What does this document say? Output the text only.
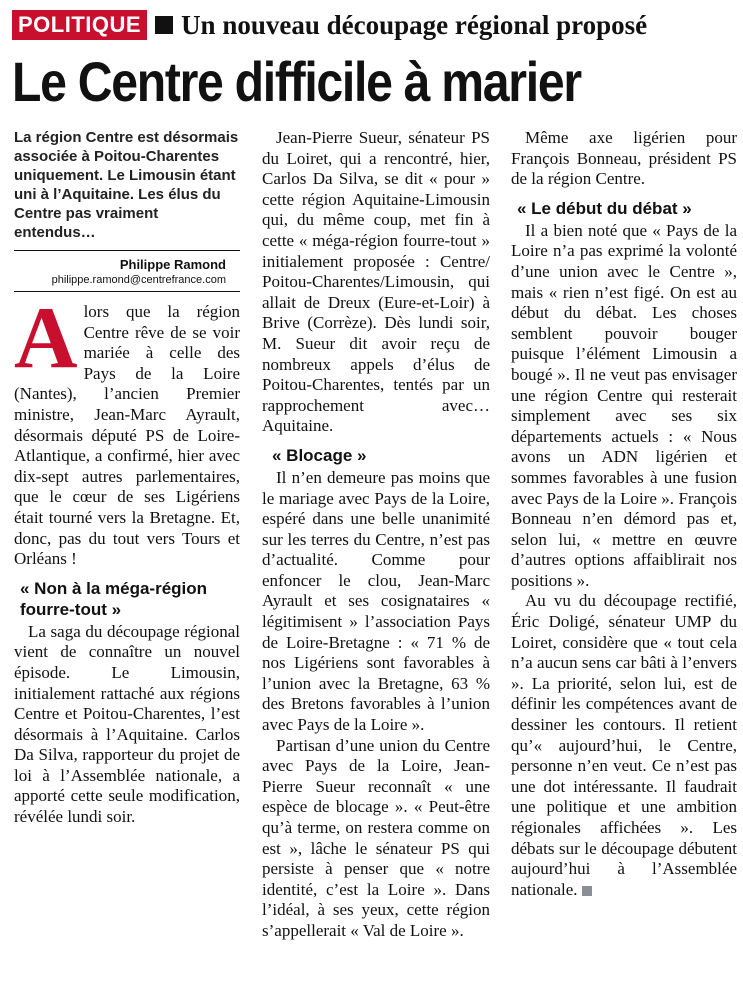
POLITIQUE Un nouveau découpage régional proposé
Le Centre difficile à marier
La région Centre est désormais associée à Poitou-Charentes uniquement. Le Limousin étant uni à l’Aquitaine. Les élus du Centre pas vraiment entendus…
Philippe Ramond
philippe.ramond@centrefrance.com

Alors que la région Centre rêve de se voir mariée à celle des Pays de la Loire (Nantes), l’ancien Premier ministre, Jean-Marc Ayrault, désormais député PS de Loire-Atlantique, a confirmé, hier avec dix-sept autres parlementaires, que le cœur de ses Ligériens était tourné vers la Bretagne. Et, donc, pas du tout vers Tours et Orléans !

« Non à la méga-région fourre-tout »

La saga du découpage régional vient de connaître un nouvel épisode. Le Limousin, initialement rattaché aux régions Centre et Poitou-Charentes, l’est désormais à l’Aquitaine. Carlos Da Silva, rapporteur du projet de loi à l’Assemblée nationale, a apporté cette seule modification, révélée lundi soir.

Jean-Pierre Sueur, sénateur PS du Loiret, qui a rencontré, hier, Carlos Da Silva, se dit « pour » cette région Aquitaine-Limousin qui, du même coup, met fin à cette « méga-région fourre-tout » initialement proposée : Centre/ Poitou-Charentes/Limousin, qui allait de Dreux (Eure-et-Loir) à Brive (Corrèze). Dès lundi soir, M. Sueur dit avoir reçu de nombreux appels d’élus de Poitou-Charentes, tentés par un rapprochement avec… Aquitaine.

« Blocage »

Il n’en demeure pas moins que le mariage avec Pays de la Loire, espéré dans une belle unanimité sur les terres du Centre, n’est pas d’actualité. Comme pour enfoncer le clou, Jean-Marc Ayrault et ses cosignataires « légitimisent » l’association Pays de Loire-Bretagne : « 71 % de nos Ligériens sont favorables à l’union avec la Bretagne, 63 % des Bretons favorables à l’union avec Pays de la Loire ».

Partisan d’une union du Centre avec Pays de la Loire, Jean-Pierre Sueur reconnaît « une espèce de blocage ». « Peut-être qu’à terme, on restera comme on est », lâche le sénateur PS qui persiste à penser que « notre identité, c’est la Loire ». Dans l’idéal, à ses yeux, cette région s’appellerait « Val de Loire ».

Même axe ligérien pour François Bonneau, président PS de la région Centre.

« Le début du débat »

Il a bien noté que « Pays de la Loire n’a pas exprimé la volonté d’une union avec le Centre », mais « rien n’est figé. On est au début du débat. Les choses semblent pouvoir bouger puisque l’élément Limousin a bougé ». Il ne veut pas envisager une région Centre qui resterait simplement avec ses six départements actuels : « Nous avons un ADN ligérien et sommes favorables à une fusion avec Pays de la Loire ». François Bonneau n’en démord pas et, selon lui, « mettre en œuvre d’autres options affaiblirait nos positions ».

Au vu du découpage rectifié, Éric Doligé, sénateur UMP du Loiret, considère que « tout cela n’a aucun sens car bâti à l’envers ». La priorité, selon lui, est de définir les compétences avant de dessiner les contours. Il retient qu’« aujourd’hui, le Centre, personne n’en veut. Ce n’est pas une dot intéressante. Il faudrait une politique et une ambition régionales affichées ». Les débats sur le découpage débutent aujourd’hui à l’Assemblée nationale.
